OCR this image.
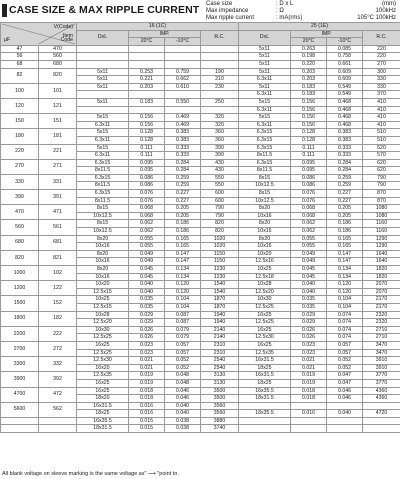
CASE SIZE & MAX RIPPLE CURRENT Case size	: D x L	(mm)
Max impedance	: Ω	100kHz
Max ripple current	: mA(rms)	105°C 100kHz
V(Code)
Item
μF Code		16 (1C)				25 (1E)			
		DxL	IMP.		R.C.	DxL	IMP.		R.C.
			20°C	-10°C			20°C	-10°C	
47	470					5x11	0.263	0.085	220
56	560					5x11	0.198	0.758	220
68	680					5x11	0.220	0.661	270
82	820	5x11	0.253	0.759	190	5x11	0.203	0.609	300
		5x11	0.221	0.662	210	6.3x11	0.203	0.609	330
100	101	5x11	0.203	0.610	230	5x11	0.183	0.549	330
						6.3x11	0.183	0.549	370
120	121	5x11	0.183	0.550	250	5x15	0.156	0.468	410
						6.3x11	0.156	0.468	410
150	151	5x15	0.156	0.469	320	5x15	0.156	0.468	410
		6.3x11	0.156	0.469	320	6.3x11	0.156	0.468	410
180	181	5x15	0.128	0.383	360	6.3x15	0.128	0.383	510
		6.3x11	0.128	0.383	360	6.3x15	0.128	0.383	510
220	221	5x15	0.111	0.333	390	6.3x15	0.111	0.333	520
		6.3x11	0.111	0.333	390	8x11.5	0.111	0.333	570
270	271	6.3x15	0.095	0.284	430	6.3x15	0.095	0.284	620
		8x11.5	0.095	0.284	430	8x11.5	0.095	0.284	620
330	331	6.3x15	0.086	0.259	550	8x15	0.086	0.259	790
		8x11.5	0.086	0.259	550	10x12.5	0.086	0.259	790
390	391	6.3x15	0.076	0.227	600	8x15	0.076	0.227	870
		8x11.5	0.076	0.227	600	10x12.5	0.076	0.227	870
470	471	8x15	0.068	0.205	790	8x20	0.068	0.205	1080
		10x12.5	0.068	0.205	790	10x16	0.068	0.205	1080
560	561	8x15	0.062	0.186	820	8x20	0.062	0.186	1160
		10x12.5	0.062	0.186	820	10x16	0.062	0.186	1160
680	681	8x20	0.055	0.165	1020	8x20	0.055	0.165	1290
		10x16	0.055	0.165	1020	10x16	0.055	0.165	1290
820	821	8x20	0.049	0.147	1150	10x20	0.049	0.147	1640
		10x16	0.049	0.147	1150	12.5x16	0.049	0.147	1640
1000	102	8x20	0.045	0.134	1230	10x25	0.045	0.134	1820
		10x16	0.045	0.134	1230	12.5x18	0.045	0.134	1820
1200	122	10x20	0.040	0.120	1540	10x28	0.040	0.120	2070
		12.5x15	0.040	0.120	1540	12.5x20	0.040	0.120	2070
1500	152	10x25	0.035	0.104	1870	10x30	0.035	0.104	2170
		12.5x15	0.035	0.104	1870	12.5x25	0.035	0.104	2170
1800	182	10x28	0.029	0.087	1940	16x25	0.029	0.074	2320
		12.5x20	0.029	0.087	1940	12.5x25	0.029	0.074	2320
2200	222	10x30	0.026	0.079	2140	16x25	0.026	0.074	2710
		12.5x25	0.026	0.079	2140	12.5x30	0.026	0.074	2710
2700	272	16x25	0.023	0.057	2310	16x25	0.023	0.057	3470
		12.5x25	0.023	0.057	2310	12.5x35	0.023	0.057	3470
3300	332	12.5x30	0.021	0.052	2540	16x31.5	0.021	0.052	3910
		16x20	0.021	0.052	2540	18x25	0.021	0.052	3910
3900	392	12.5x35	0.019	0.048	3130	16x31.5	0.019	0.047	3770
		16x25	0.019	0.048	3130	18x25	0.019	0.047	3770
4700	472	16x25	0.018	0.046	3500	16x35.5	0.018	0.046	4360
		18x20	0.018	0.046	3500	18x31.5	0.018	0.046	4360
5600	562	16x31.5	0.016	0.040	3560				
		18x25	0.016	0.040	3560	18x35.5	0.016	0.040	4720
		16x35.5	0.015	0.038	3880				
		18x31.5	0.015	0.038	3740				
All blank voltage on sleeve marking is the same voltage as" ⟶ "point to.
